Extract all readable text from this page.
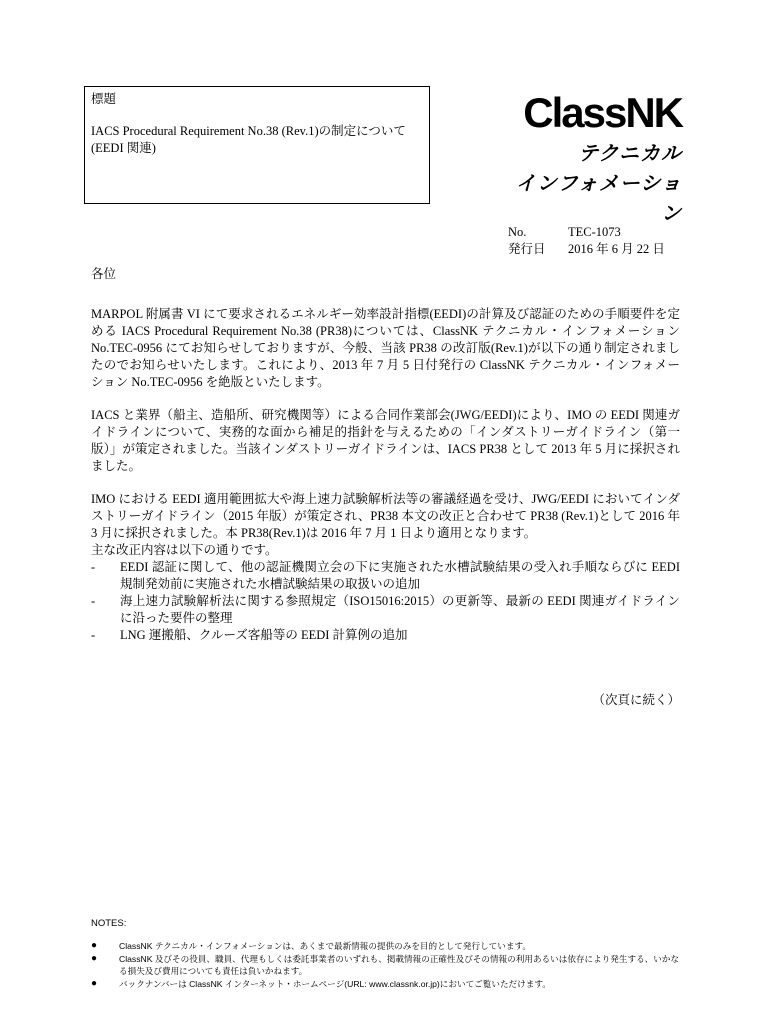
標題
IACS Procedural Requirement No.38 (Rev.1)の制定について(EEDI 関連)
ClassNK
テクニカル
インフォメーション
No.	TEC-1073
発行日	2016 年 6 月 22 日
各位

MARPOL 附属書 VI にて要求されるエネルギー効率設計指標(EEDI)の計算及び認証のための手順要件を定める IACS Procedural Requirement No.38 (PR38)については、ClassNK テクニカル・インフォメーション No.TEC-0956 にてお知らせしておりますが、今般、当該 PR38 の改訂版(Rev.1)が以下の通り制定されましたのでお知らせいたします。これにより、2013 年 7 月 5 日付発行の ClassNK テクニカル・インフォメーション No.TEC-0956 を絶版といたします。

IACS と業界（船主、造船所、研究機関等）による合同作業部会(JWG/EEDI)により、IMO の EEDI 関連ガイドラインについて、実務的な面から補足的指針を与えるための「インダストリーガイドライン（第一版）」が策定されました。当該インダストリーガイドラインは、IACS PR38 として 2013 年 5 月に採択されました。

IMO における EEDI 適用範囲拡大や海上速力試験解析法等の審議経過を受け、JWG/EEDI においてインダストリーガイドライン（2015 年版）が策定され、PR38 本文の改正と合わせて PR38 (Rev.1)として 2016 年 3 月に採択されました。本 PR38(Rev.1)は 2016 年 7 月 1 日より適用となります。

主な改正内容は以下の通りです。
-	EEDI 認証に関して、他の認証機関立会の下に実施された水槽試験結果の受入れ手順ならびに EEDI 規制発効前に実施された水槽試験結果の取扱いの追加
-	海上速力試験解析法に関する参照規定（ISO15016:2015）の更新等、最新の EEDI 関連ガイドラインに沿った要件の整理
-	LNG 運搬船、クルーズ客船等の EEDI 計算例の追加
（次頁に続く）
NOTES:
●	ClassNK テクニカル・インフォメーションは、あくまで最新情報の提供のみを目的として発行しています。
●	ClassNK 及びその役員、職員、代理もしくは委託事業者のいずれも、掲載情報の正確性及びその情報の利用あるいは依存により発生する、いかなる損失及び費用についても責任は負いかねます。
●	バックナンバーは ClassNK インターネット・ホームページ(URL: www.classnk.or.jp)においてご覧いただけます。
